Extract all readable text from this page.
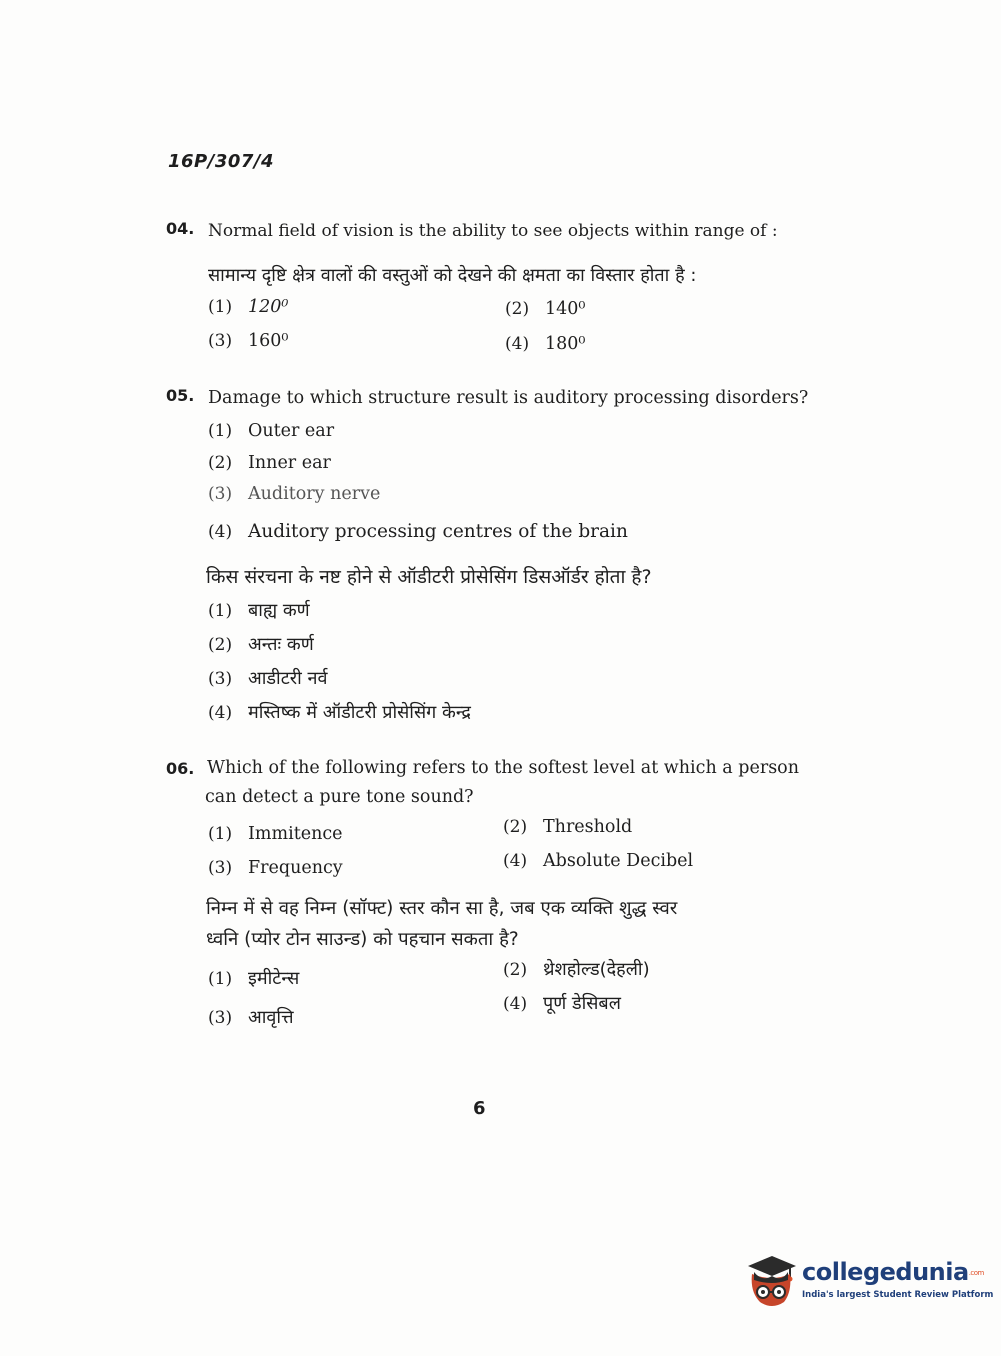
16P/307/4
04. Normal field of vision is the ability to see objects within range of :
सामान्य दृष्टि क्षेत्र वालों की वस्तुओं को देखने की क्षमता का विस्तार होता है :
(1) 120⁰	(2) 140⁰
(3) 160⁰	(4) 180⁰
05. Damage to which structure result is auditory processing disorders?
(1) Outer ear
(2) Inner ear
(3) Auditory nerve
(4) Auditory processing centres of the brain
किस संरचना के नष्ट होने से ऑडीटरी प्रोसेसिंग डिसऑर्डर होता है?
(1) बाह्य कर्ण
(2) अन्तः कर्ण
(3) आडीटरी नर्व
(4) मस्तिष्क में ऑडीटरी प्रोसेसिंग केन्द्र
06. Which of the following refers to the softest level at which a person
can detect a pure tone sound?
(1) Immitence	(2) Threshold
(3) Frequency	(4) Absolute Decibel
निम्न में से वह निम्न (सॉफ्ट) स्तर कौन सा है, जब एक व्यक्ति शुद्ध स्वर
ध्वनि (प्योर टोन साउन्ड) को पहचान सकता है?
(1) इमीटेन्स	(2) थ्रेशहोल्ड(देहली)
(3) आवृत्ति
(4) पूर्ण डेसिबल
6
collegedunia.com
India's largest Student Review Platform
